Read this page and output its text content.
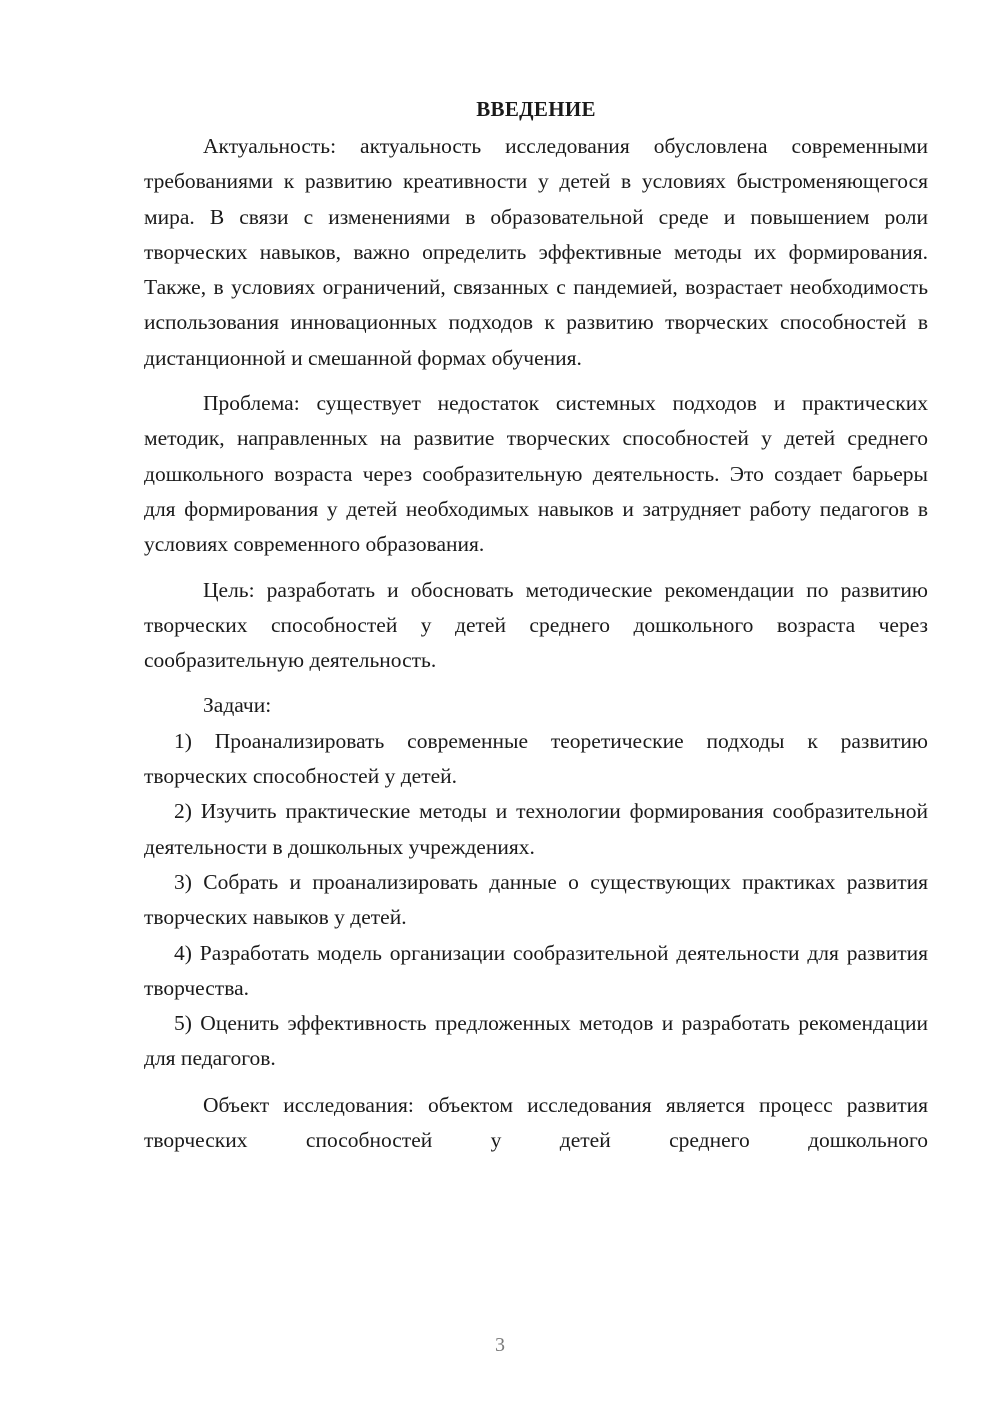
ВВЕДЕНИЕ

Актуальность: актуальность исследования обусловлена современными требованиями к развитию креативности у детей в условиях быстроменяющегося мира. В связи с изменениями в образовательной среде и повышением роли творческих навыков, важно определить эффективные методы их формирования. Также, в условиях ограничений, связанных с пандемией, возрастает необходимость использования инновационных подходов к развитию творческих способностей в дистанционной и смешанной формах обучения.

Проблема: существует недостаток системных подходов и практических методик, направленных на развитие творческих способностей у детей среднего дошкольного возраста через сообразительную деятельность. Это создает барьеры для формирования у детей необходимых навыков и затрудняет работу педагогов в условиях современного образования.

Цель: разработать и обосновать методические рекомендации по развитию творческих способностей у детей среднего дошкольного возраста через сообразительную деятельность.

Задачи:

1) Проанализировать современные теоретические подходы к развитию творческих способностей у детей.

2) Изучить практические методы и технологии формирования сообразительной деятельности в дошкольных учреждениях.

3) Собрать и проанализировать данные о существующих практиках развития творческих навыков у детей.

4) Разработать модель организации сообразительной деятельности для развития творчества.

5) Оценить эффективность предложенных методов и разработать рекомендации для педагогов.

Объект исследования: объектом исследования является процесс развития творческих способностей у детей среднего дошкольного

3
